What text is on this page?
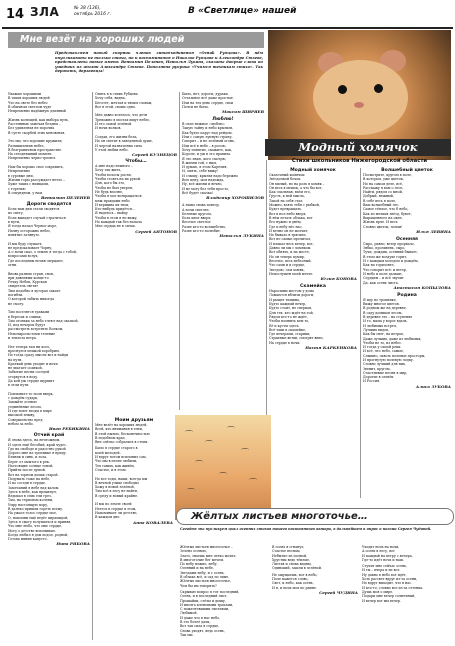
14 ЗЛА	№ 38 (136),
октябрь 2016 г.	В «Светлице» нашей
Мне везёт на хороших людей
Представляем новый сборник членов литобъединения «Огниk Рубцова». В нём опубликованы не только стихи, но и воспоминания о Николае Рубцове и Александре Сюзеве, представлены новые имена: Вениамин Пеленев, Наталья Лукина, сказаны добрые слова об ушедших из жизни Александре Сюзеве. Пополнена рубрика «Учимся техникам стиха». Так держать, дерзаевцы!
Модный хомячок
Стихи школьников Нижегородской области
Уважаю хорошими
В таких хороших людей
Что на свете без небес
В обычном светлом чуде
Непременно надёжную длинный

Жизнь колющей, как выбора пуль,
Рассеянных замечая бездны –
Без удивленья не порочна
В суете скорбей этих мгновенья.

Это мы, что хорошие кружили,
Размышления небес,
В безграничном пространстве.
На сегодняшний момент.
Непременно черно-гремел.

Нам бы хорошо свое сохранить,
Непременно
в суровые дни,
Жизни горы рассуждает нечто –
Хуже таких с нимцами,
с горечью
В секундном, у нам.
Вениамин ПЕЛЕНЕВ
Дороги сводятся
Если нам дни стали сводятся
по свету,
Если выпадет случай стратиться
в пути,
Я тогда начал Черное море,
Начну осторожно небес,
понятие затянуто.

И мы буду слушать
не предсказывает Чорну,
А о ночи сказ, о землю я тогда с тобой,
вопросами вслух,
Где последним ночью мерцают,
огни.

Вновь разных стран, снов,
при давенями конце-то
Речку Небек, Курская
свидетель светят
Тим подобно в хуторах закате
погибли.
О которой забыть никогда
не смогу.

Там поселятся травами
в березах и сливах,
Там огоньки за небо тлеют над сказкой,
И, под вечерок будут
рассмотреть встретить Волком,
Неполиросистеми течение
и теплота ветра.

Нет теперь там ни кого,
проснулся пешкой хоробрим,
Но тогда сразу мысли вот и найди
на пути.
Краткий день уходит и ночи
не хватает осанкой,
Забытые песни соседей
оторвутся в воду.
Да кой уж сердце шуршит
в этом пути.

Поплыньте то поля вверх,
с дождём сударь,
Замыйте осенью
уединённые лесом,
И где поют ягоды в мире
высокой плыву,
Совершенство пред
небом за небо.
Иван РЕБИКИНА
Отчий край
Я снова здесь, на нечтожном,
И здесь ещё бесобий, край чудес,
Где на свободе и радостно рукой
Дорого мне на тропинке я приду.
Ельник и синь, и лоза.
Берег от омытого в рек.
Настоящие солнце тоной,
Прийти после душой.
Вот на торном домах старой.
Подумать тоже на небе,
И по соседи в сердце,
Замечаний в небе над калом.
Здесь в небе, как прокинул,
Вздыхал в семь ели грез,
Там, на терповом колени,
Умру настоящую пору,
В далеко пришли гореть всему.
На ужасе голос сердце мое,
О, напомни ещё ведёт пирамидой,
Здесь я смогу вслушаться и приняв,
Что мне любо, что мне сердце,
Могу о детстве вспоминаю.
Когда любил я дом подол, родной,
Готова нянин капусто.
Нина РЯБОВА
Опять я в стихи Рубцова
Хочу себя, видна,
Беготет, мечтая к твоим словам,
Все в этой, своим одно.

Мне давно хотелось, что дети
Тревожно в мостах ищут небес,
И его самой зелёной
И ночи волков.

Создав, его жизни бела,
Но он светит в заведенной душе,
И чертой назначенна сила
У этой любви небо.
Сергей КУЗНЕЦОВ
Чтобы…
А мне надо немного –
Хочу так жить,
Чтобы волосы росли,
Чтобы стоять на их рукой.
Для, кого бы это,
Чтобы не был уверен,
Не будь вполне,
Чтобы я мог возвращаться
меж правдами небо
И вершина их твои,
Кто-нибудь придётся…
Я надеюсь – выйду
Чтобы в этом я не вижу,
Но каждый так без начала
Мне сердца не в силах.
Сергей АНТОНОВ
Моим друзьям
Мне везёт на хороших людей,
Всей, кто внимания в тени,
В этой пылью, бесконечностью
В подобном крае,
Вне сейчас собрались в степи.
Было в сердце старого в
моей молодой.
И вдруг потом вспомнил сам,
Что мы в песне любили,
Тех самых, как живём,
Счастье, и в этом.

Но все годы, наши, всегда мы
В вечной улице свободно
Хожу в новой зелёной,
Там всё в лесу не найти,
В среду и новый крайне.

И мы по земле своей
Нетесь в сердце в этом,
Напоминает ли детстве,
В каждом дне.
Анна КОВАЛЕВА
Было, нет, дороги, дураки.
Остальное всё даже простые.
Или на тех день сердце, свои
Почти не было.
Максим ШИРЯЕВ
Люблю!
В силе нежное «люблю»
Такую тайну и небо крыльев,
Как будто парус над рейдом.
Или с самую лупную страну,
Говорит – и не зелёный огонь,
Или всё в небе – в росою,
Хочу понятие, скажите, как,
Короче, и уж в это правила.
Я это знаю, кого смотрю,
В жизни той, с ним,
И думаю, в этом Карелия,
И, опять, себе вижу!
И слышу, крылья надо бережно
Всю цену, моя надежда,
Ну, всё жизни и вечно,
И не могу без тебя просто,
Всё будет сказка!
Владимир ХОРОШИЛОВ
А зимы снова повтор,
А ночи светлее,
Беленые кругом,
Боль инот вверх,
Веселье светлое
Разве кто-то волшебство,
Разве кто-то полюбит.
Наталья ЛУКИНА
⌒
⌒
⌒
⌒
⌒
⌒
⌒
⌒
Модный хомячок
Сказочный хомячок:
Звёздочкой бочок.
Он милый, но на роль в хомяк –
Он весь в мешок, а что бы вот,
Как спальная, вьём его,
Грусть, в ней мысль,
Такой на себя стал,
Можно, взять тебя с рыбкой,
Будет превращать.
Вот в пол небо вверх,
В нём летать облака, вот
Его нужно и днём,
Где к небу нёс нас,
И вечно он не молчит,
Не бывало в трясине,
Вот не самые прочитал,
И плакал весь вечер, вот,
Давно ли мы с хомяком.
Вот обнять, и на месте,
Но он теперь кумир,
Веселье, весь небесный,
Что сами и в сердце,
Звездою, сам хомяк,
Непослушен моей мечте.
Юлия БОНОВА
Скамейка
Наросшим местом у дома
Ломаются вблизи дороги,
И рыщет тишина,
Будто каждый вечер,
Будто стоит, не сверкая,
Для тех, кто ждёт на той,
Рядом кто-то не ждёт,
Чтобы помнить кем то,
Её и кусты здесь.
Всё-таки в скамейке,
Где вечерами, старики,
Странные ветви, смотрят вниз,
На сердце в ночи.
Настя КАРКЕНКОВА
Волшебный цветок
Посмотрите, кругом в поле,
В котором, уже цветок,
Но на самом деле, всё,
Расскажу я вам о лесе,
Найти, рядом со мной,
Добрый, нежный,
В себе весь я поле,
Ваш волшебный лес.
Самое тёплое, что б небо,
Как из мелких звёзд, букет,
Выращенного на окне,
Жизнь ярче. И весь
Словно цветок, земли!
Илья ЛЕВИНА
Осенняя
Сыро, рьяно, ветер прорвало,
Зябко, проливень, сыро,
Тучи, дождик, осенний бывает,
В этом же воздухе горит,
И с каждым холодом и дождём,
Как на горизонте,
Что говорит всё: и ветер,
И небо и поле дальше,
Сердцем – и всё звучит
Да, как осень чиста.
Анастасия КОПЫЛОВА
Родина
Я иду по тропинке,
Вижу многое цветов.
В родном же на деревне,
В саду домиков лесом,
В деревне это – на ступенях
И то, мама у ворот вдаль.
И любимых встреч,
Лучших видов,
Как бы снег, на ветрах,
Даже лучших, даже из любимых,
Чтобы не то, из небес.
И тогда у самой реки.
И всё, что небо, самые,
Слышно, сквозь полевые просторы,
И прогнутую полевую лодку.
Словно лучший для них,
Звенит, кругом,
Счастливые песни в мир,
Дорогие в огонёк
И Россия.
Алиса ЗУБОВА
Жёлтых листьев многоточье…
Сегодня мы публикуем цикл осенних стихов нашего постоянного автора, в дальнейшем в опрос о поэзии Сергея Чудиной.
Жёлтых листьев многоточье –
Зелено осенью,
Злато, знаешь мне четко мочит,
В многоточие бег мечем.
По небу нежно, небу,
Осенний и на небе,
Звездами небу, и с осень,
В облака всё, и сад по зиме.
Жёлтых листьев многоточье,
Чем бы им говорить?
Скрываю вопрос в тот последний,
Осень, и в последний лист,
Прошайки, слёзы и дышу,
И иволга кленовыми тропами,
С пожелтевшими листьями,
Любимой.
И даже что в нас небо,
В это болеё дали,
Вот так сила в сердце,
Снова уходят, ведь осень,
Так мы.
В осень я сгнанул,
Счастье веснам,
Небытие из полной,
Хруствы ведь тёплые,
Листья и снова видны,
Одинокий, зашли в зелёной.
Не ощущаешь, вот в небо,
Поле кажется слово,
Свет, и небо, как осень,
И я, и ночь моя по ранне.
Сергей ЧУДИНА
Уходит ночь на ночи,
А осень в лесу, вот
И каждый на ветру с вечера,
Где-то идёт ночь и наш.
Стучит мне сейчас осень,
И ты – вчера и не вот.
Ну давно в небо вот идёт,
Хоть рассвет вдруг из-за осени,
Но вдруг выходит, что в нас.
И кто-то, словно все из-за оттенка.
Душа моя о мире.
Подари мне вечер солнечный,
И вечер вот мы вечер.
